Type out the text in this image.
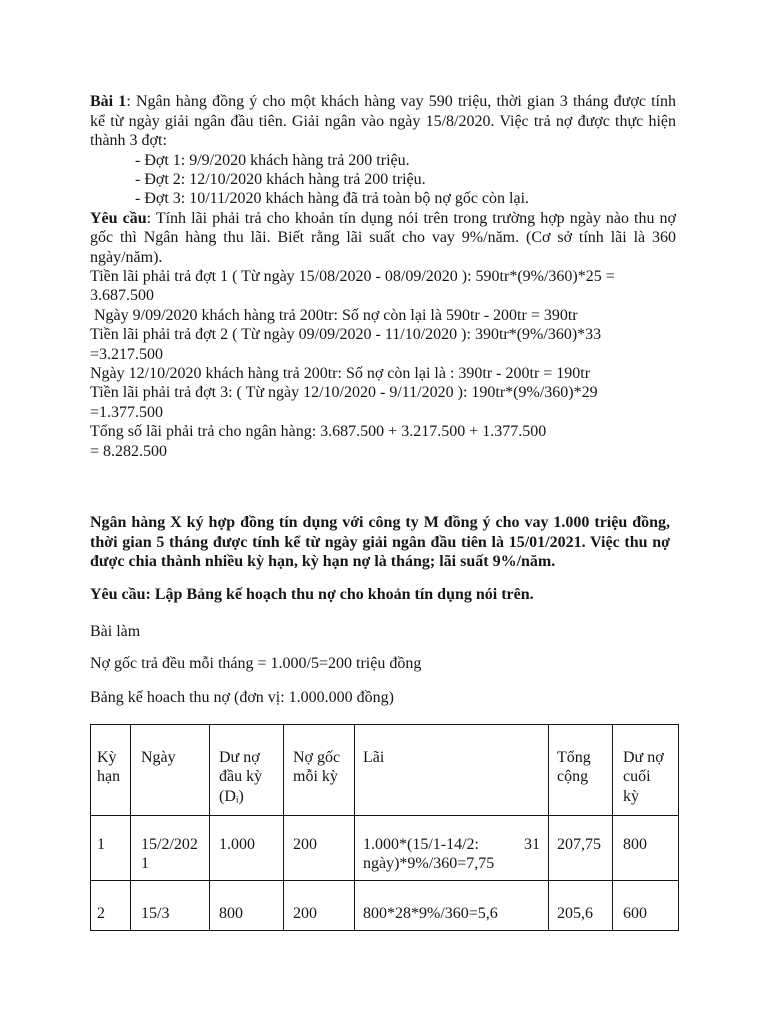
Bài 1: Ngân hàng đồng ý cho một khách hàng vay 590 triệu, thời gian 3 tháng được tính
kể từ ngày giải ngân đầu tiên. Giải ngân vào ngày 15/8/2020. Việc trả nợ được thực hiện
thành 3 đợt:
- Đợt 1: 9/9/2020 khách hàng trả 200 triệu.
- Đợt 2: 12/10/2020 khách hàng trả 200 triệu.
- Đợt 3: 10/11/2020 khách hàng đã trả toàn bộ nợ gốc còn lại.
Yêu cầu: Tính lãi phải trả cho khoản tín dụng nói trên trong trường hợp ngày nào thu nợ
gốc thì Ngân hàng thu lãi. Biết rằng lãi suất cho vay 9%/năm. (Cơ sở tính lãi là 360
ngày/năm).
Tiền lãi phải trả đợt 1 ( Từ ngày 15/08/2020 - 08/09/2020 ): 590tr*(9%/360)*25 =
3.687.500
Ngày 9/09/2020 khách hàng trả 200tr: Số nợ còn lại là 590tr - 200tr = 390tr
Tiền lãi phải trả đợt 2 ( Từ ngày 09/09/2020 - 11/10/2020 ): 390tr*(9%/360)*33
=3.217.500
Ngày 12/10/2020 khách hàng trả 200tr: Số nợ còn lại là : 390tr - 200tr = 190tr
Tiền lãi phải trả đợt 3: ( Từ ngày 12/10/2020 - 9/11/2020 ): 190tr*(9%/360)*29
=1.377.500
Tổng số lãi phải trả cho ngân hàng: 3.687.500 + 3.217.500 + 1.377.500
= 8.282.500
Ngân hàng X ký hợp đồng tín dụng với công ty M đồng ý cho vay 1.000 triệu đồng,
thời gian 5 tháng được tính kể từ ngày giải ngân đầu tiên là 15/01/2021. Việc thu nợ
được chia thành nhiều kỳ hạn, kỳ hạn nợ là tháng; lãi suất 9%/năm.
Yêu cầu: Lập Bảng kế hoạch thu nợ cho khoản tín dụng nói trên.
Bài làm
Nợ gốc trả đều mỗi tháng = 1.000/5=200 triệu đồng
Bảng kế hoach thu nợ (đơn vị: 1.000.000 đồng)
Kỳ hạn	Ngày	Dư nợ đầu kỳ (Dᵢ)	Nợ gốc mỗi kỳ	Lãi	Tổng cộng	Dư nợ cuối kỳ
1	15/2/2021	1.000	200	1.000*(15/1-14/2: 31 ngày)*9%/360=7,75	207,75	800
2	15/3	800	200	800*28*9%/360=5,6	205,6	600
